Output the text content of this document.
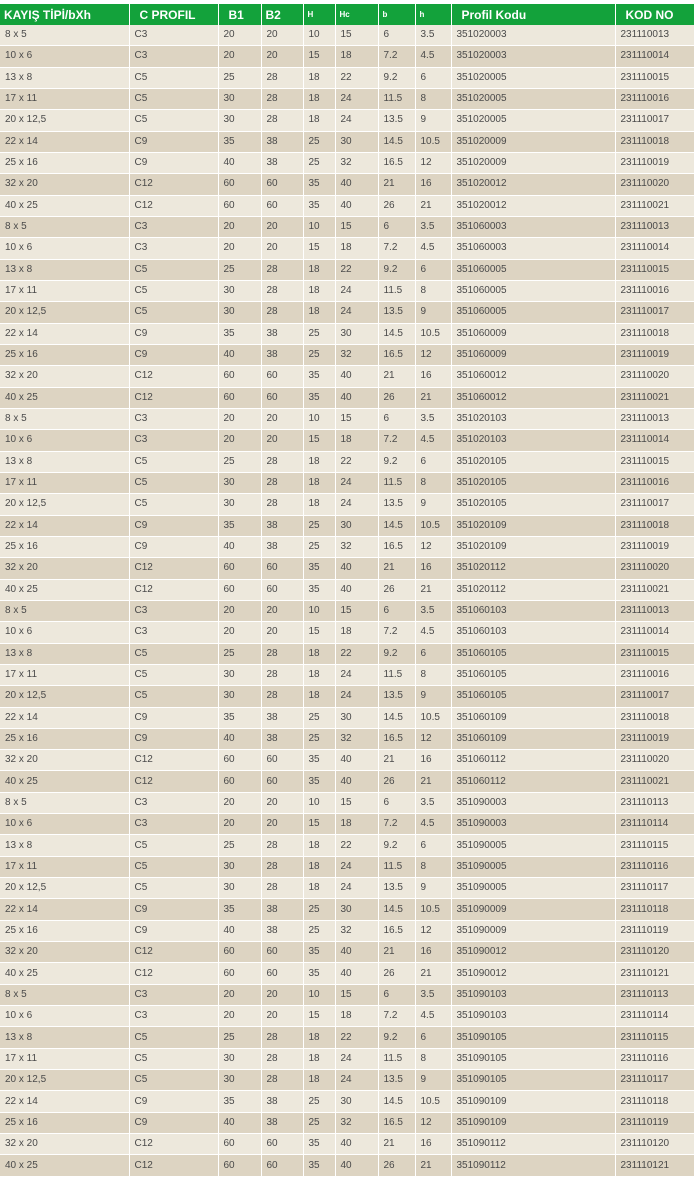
KAYIŞ TİPİ/bXh	C PROFIL	B1	B2	H	Hc	b	h	Profil Kodu	KOD NO
8 x 5	C3	20	20	10	15	6	3.5	351020003	231110013
10 x 6	C3	20	20	15	18	7.2	4.5	351020003	231110014
13 x 8	C5	25	28	18	22	9.2	6	351020005	231110015
17 x 11	C5	30	28	18	24	11.5	8	351020005	231110016
20 x 12,5	C5	30	28	18	24	13.5	9	351020005	231110017
22 x 14	C9	35	38	25	30	14.5	10.5	351020009	231110018
25 x 16	C9	40	38	25	32	16.5	12	351020009	231110019
32 x 20	C12	60	60	35	40	21	16	351020012	231110020
40 x 25	C12	60	60	35	40	26	21	351020012	231110021
8 x 5	C3	20	20	10	15	6	3.5	351060003	231110013
10 x 6	C3	20	20	15	18	7.2	4.5	351060003	231110014
13 x 8	C5	25	28	18	22	9.2	6	351060005	231110015
17 x 11	C5	30	28	18	24	11.5	8	351060005	231110016
20 x 12,5	C5	30	28	18	24	13.5	9	351060005	231110017
22 x 14	C9	35	38	25	30	14.5	10.5	351060009	231110018
25 x 16	C9	40	38	25	32	16.5	12	351060009	231110019
32 x 20	C12	60	60	35	40	21	16	351060012	231110020
40 x 25	C12	60	60	35	40	26	21	351060012	231110021
8 x 5	C3	20	20	10	15	6	3.5	351020103	231110013
10 x 6	C3	20	20	15	18	7.2	4.5	351020103	231110014
13 x 8	C5	25	28	18	22	9.2	6	351020105	231110015
17 x 11	C5	30	28	18	24	11.5	8	351020105	231110016
20 x 12,5	C5	30	28	18	24	13.5	9	351020105	231110017
22 x 14	C9	35	38	25	30	14.5	10.5	351020109	231110018
25 x 16	C9	40	38	25	32	16.5	12	351020109	231110019
32 x 20	C12	60	60	35	40	21	16	351020112	231110020
40 x 25	C12	60	60	35	40	26	21	351020112	231110021
8 x 5	C3	20	20	10	15	6	3.5	351060103	231110013
10 x 6	C3	20	20	15	18	7.2	4.5	351060103	231110014
13 x 8	C5	25	28	18	22	9.2	6	351060105	231110015
17 x 11	C5	30	28	18	24	11.5	8	351060105	231110016
20 x 12,5	C5	30	28	18	24	13.5	9	351060105	231110017
22 x 14	C9	35	38	25	30	14.5	10.5	351060109	231110018
25 x 16	C9	40	38	25	32	16.5	12	351060109	231110019
32 x 20	C12	60	60	35	40	21	16	351060112	231110020
40 x 25	C12	60	60	35	40	26	21	351060112	231110021
8 x 5	C3	20	20	10	15	6	3.5	351090003	231110113
10 x 6	C3	20	20	15	18	7.2	4.5	351090003	231110114
13 x 8	C5	25	28	18	22	9.2	6	351090005	231110115
17 x 11	C5	30	28	18	24	11.5	8	351090005	231110116
20 x 12,5	C5	30	28	18	24	13.5	9	351090005	231110117
22 x 14	C9	35	38	25	30	14.5	10.5	351090009	231110118
25 x 16	C9	40	38	25	32	16.5	12	351090009	231110119
32 x 20	C12	60	60	35	40	21	16	351090012	231110120
40 x 25	C12	60	60	35	40	26	21	351090012	231110121
8 x 5	C3	20	20	10	15	6	3.5	351090103	231110113
10 x 6	C3	20	20	15	18	7.2	4.5	351090103	231110114
13 x 8	C5	25	28	18	22	9.2	6	351090105	231110115
17 x 11	C5	30	28	18	24	11.5	8	351090105	231110116
20 x 12,5	C5	30	28	18	24	13.5	9	351090105	231110117
22 x 14	C9	35	38	25	30	14.5	10.5	351090109	231110118
25 x 16	C9	40	38	25	32	16.5	12	351090109	231110119
32 x 20	C12	60	60	35	40	21	16	351090112	231110120
40 x 25	C12	60	60	35	40	26	21	351090112	231110121
